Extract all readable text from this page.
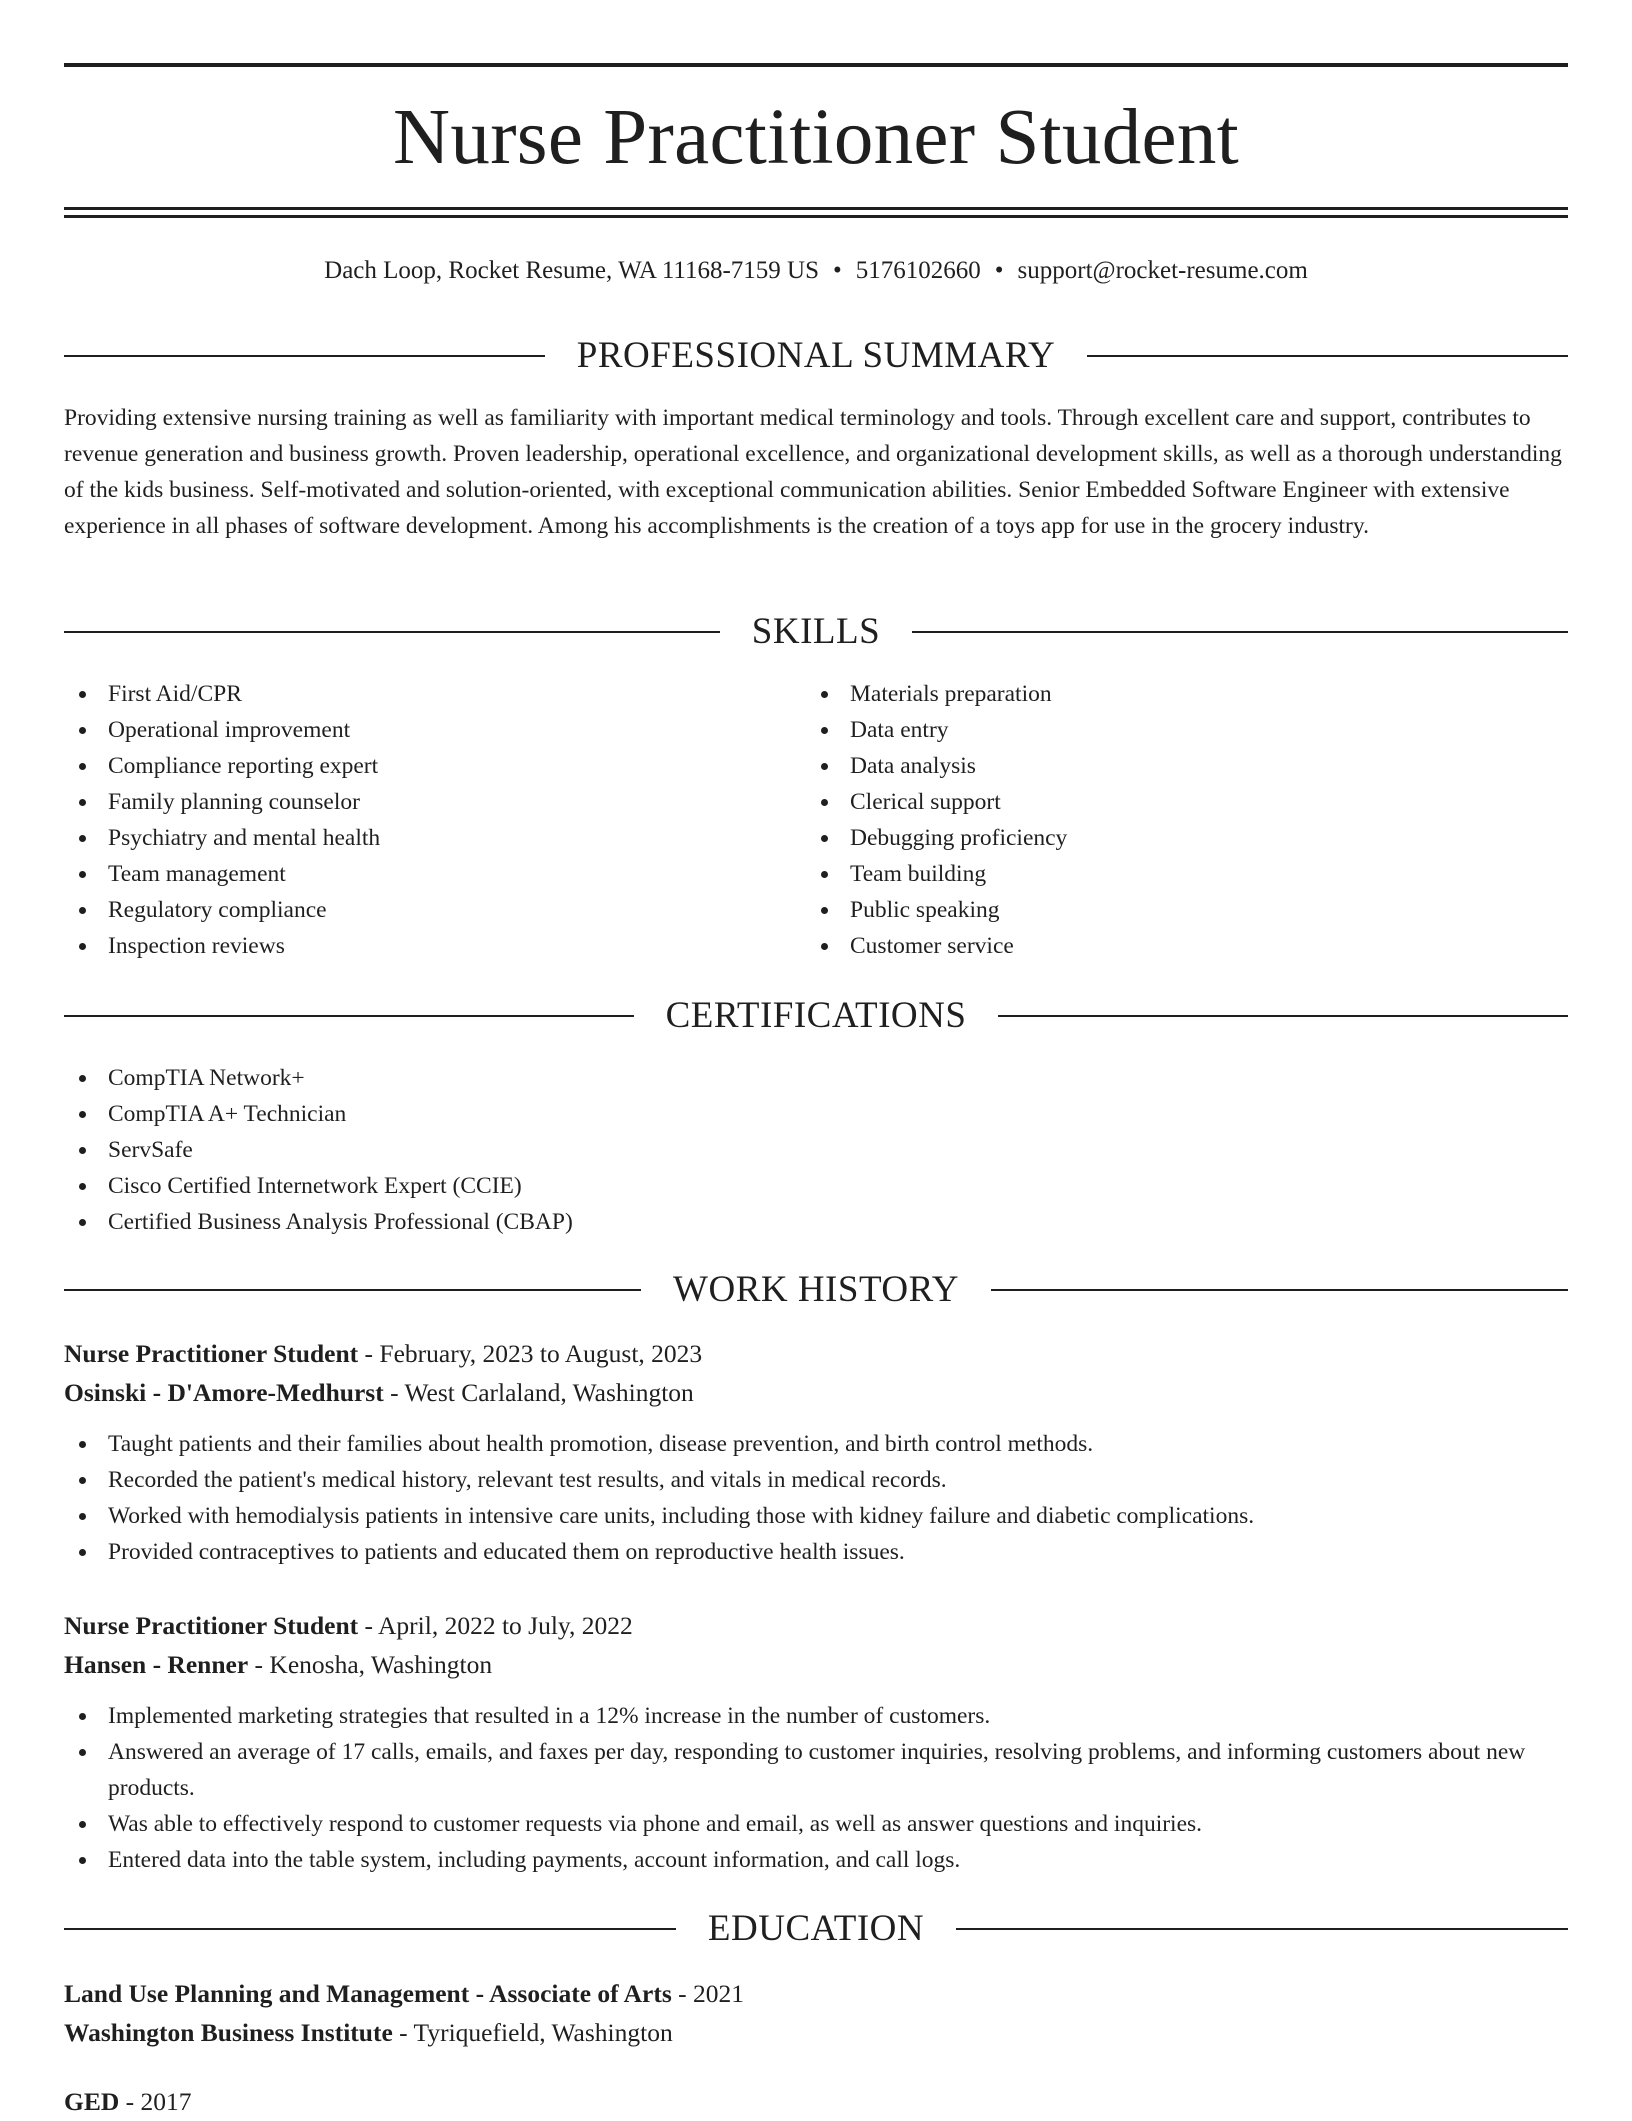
Nurse Practitioner Student
Dach Loop, Rocket Resume, WA 11168-7159 US • 5176102660 • support@rocket-resume.com
PROFESSIONAL SUMMARY
Providing extensive nursing training as well as familiarity with important medical terminology and tools. Through excellent care and support, contributes to revenue generation and business growth. Proven leadership, operational excellence, and organizational development skills, as well as a thorough understanding of the kids business. Self-motivated and solution-oriented, with exceptional communication abilities. Senior Embedded Software Engineer with extensive experience in all phases of software development. Among his accomplishments is the creation of a toys app for use in the grocery industry.
SKILLS
First Aid/CPR
Operational improvement
Compliance reporting expert
Family planning counselor
Psychiatry and mental health
Team management
Regulatory compliance
Inspection reviews
Materials preparation
Data entry
Data analysis
Clerical support
Debugging proficiency
Team building
Public speaking
Customer service
CERTIFICATIONS
CompTIA Network+
CompTIA A+ Technician
ServSafe
Cisco Certified Internetwork Expert (CCIE)
Certified Business Analysis Professional (CBAP)
WORK HISTORY
Nurse Practitioner Student - February, 2023 to August, 2023
Osinski - D'Amore-Medhurst - West Carlaland, Washington
Taught patients and their families about health promotion, disease prevention, and birth control methods.
Recorded the patient's medical history, relevant test results, and vitals in medical records.
Worked with hemodialysis patients in intensive care units, including those with kidney failure and diabetic complications.
Provided contraceptives to patients and educated them on reproductive health issues.
Nurse Practitioner Student - April, 2022 to July, 2022
Hansen - Renner - Kenosha, Washington
Implemented marketing strategies that resulted in a 12% increase in the number of customers.
Answered an average of 17 calls, emails, and faxes per day, responding to customer inquiries, resolving problems, and informing customers about new products.
Was able to effectively respond to customer requests via phone and email, as well as answer questions and inquiries.
Entered data into the table system, including payments, account information, and call logs.
EDUCATION
Land Use Planning and Management - Associate of Arts - 2021
Washington Business Institute - Tyriquefield, Washington
GED - 2017
